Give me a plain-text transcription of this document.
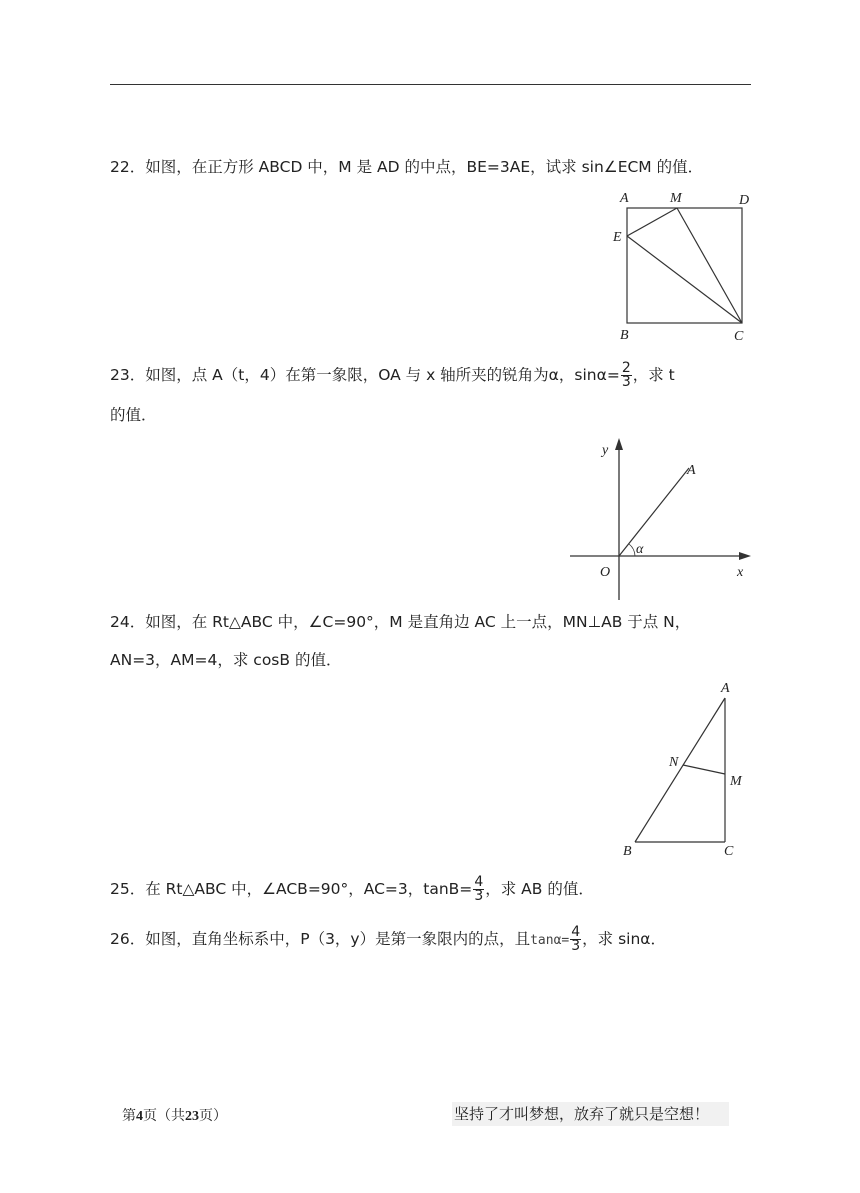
22．如图，在正方形 ABCD 中，M 是 AD 的中点，BE=3AE，试求 sin∠ECM 的值．
A	M	D
E
B	C
23．如图，点 A（t，4）在第一象限，OA 与 x 轴所夹的锐角为α，$\sin\alpha= \frac{2}{3}$ ，求 t
的值．
y
A
α
O	x
24．如图，在 Rt△ABC 中，∠C=90°，M 是直角边 AC 上一点，MN⊥AB 于点 N，
AN=3，AM=4，求 cosB 的值．
A
N
M
B	C
25．在 Rt△ABC 中，∠ACB=90°，AC=3，$\tan B= \frac{4}{3}$ ，求 AB 的值．
26．如图，直角坐标系中，P（3，y）是第一象限内的点，且$\tan\alpha= \frac{4}{3}$ ，求 sinα．
第4页（共23页）	坚持了才叫梦想，放弃了就只是空想！
